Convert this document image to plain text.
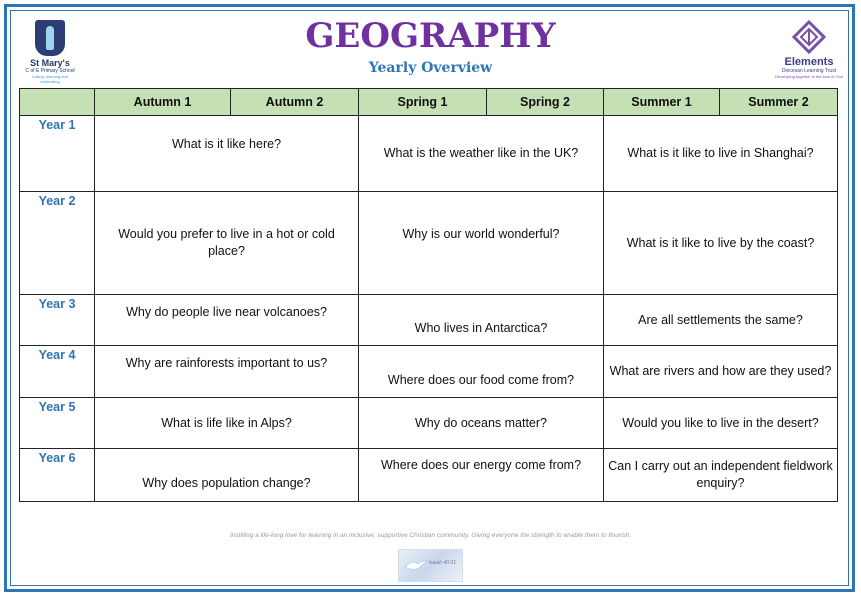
St Mary's
C of E Primary School
Loving, learning and celebrating
GEOGRAPHY
Yearly Overview	Elements
Diocesan Learning Trust
Developing together in the love of God
	Autumn 1	Autumn 2	Spring 1	Spring 2	Summer 1	Summer 2
Year 1	What is it like here?		What is the weather like in the UK?		What is it like to live in Shanghai?	
Year 2	Would you prefer to live in a hot or cold place?		Why is our world wonderful?		What is it like to live by the coast?	
Year 3	Why do people live near volcanoes?		Who lives in Antarctica?		Are all settlements the same?	
Year 4	Why are rainforests important to us?		Where does our food come from?		What are rivers and how are they used?	
Year 5	What is life like in Alps?		Why do oceans matter?		Would you like to live in the desert?	
Year 6	Why does population change?		Where does our energy come from?		Can I carry out an independent fieldwork enquiry?	
Instilling a life-long love for learning in an inclusive, supportive Christian community. Giving everyone the strength to enable them to flourish.
Isaiah 40:31
